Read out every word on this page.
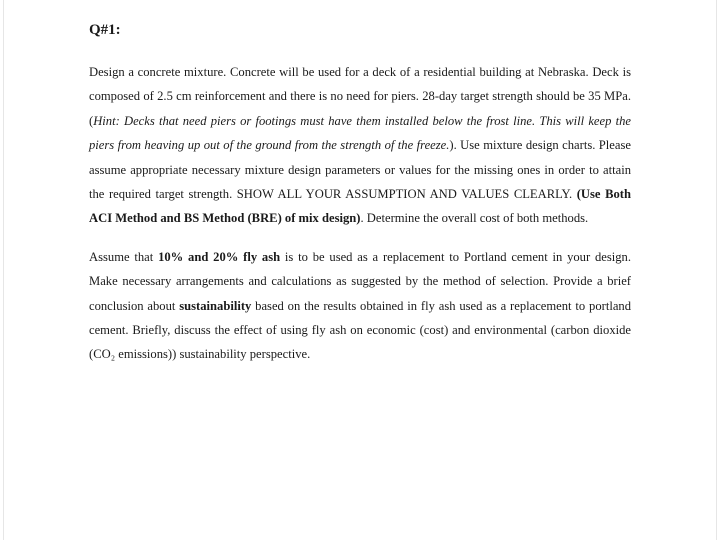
Q#1:

Design a concrete mixture. Concrete will be used for a deck of a residential building at Nebraska. Deck is composed of 2.5 cm reinforcement and there is no need for piers. 28-day target strength should be 35 MPa. (Hint: Decks that need piers or footings must have them installed below the frost line. This will keep the piers from heaving up out of the ground from the strength of the freeze.). Use mixture design charts. Please assume appropriate necessary mixture design parameters or values for the missing ones in order to attain the required target strength. SHOW ALL YOUR ASSUMPTION AND VALUES CLEARLY. (Use Both ACI Method and BS Method (BRE) of mix design). Determine the overall cost of both methods.

Assume that 10% and 20% fly ash is to be used as a replacement to Portland cement in your design. Make necessary arrangements and calculations as suggested by the method of selection. Provide a brief conclusion about sustainability based on the results obtained in fly ash used as a replacement to portland cement. Briefly, discuss the effect of using fly ash on economic (cost) and environmental (carbon dioxide (CO₂ emissions)) sustainability perspective.
